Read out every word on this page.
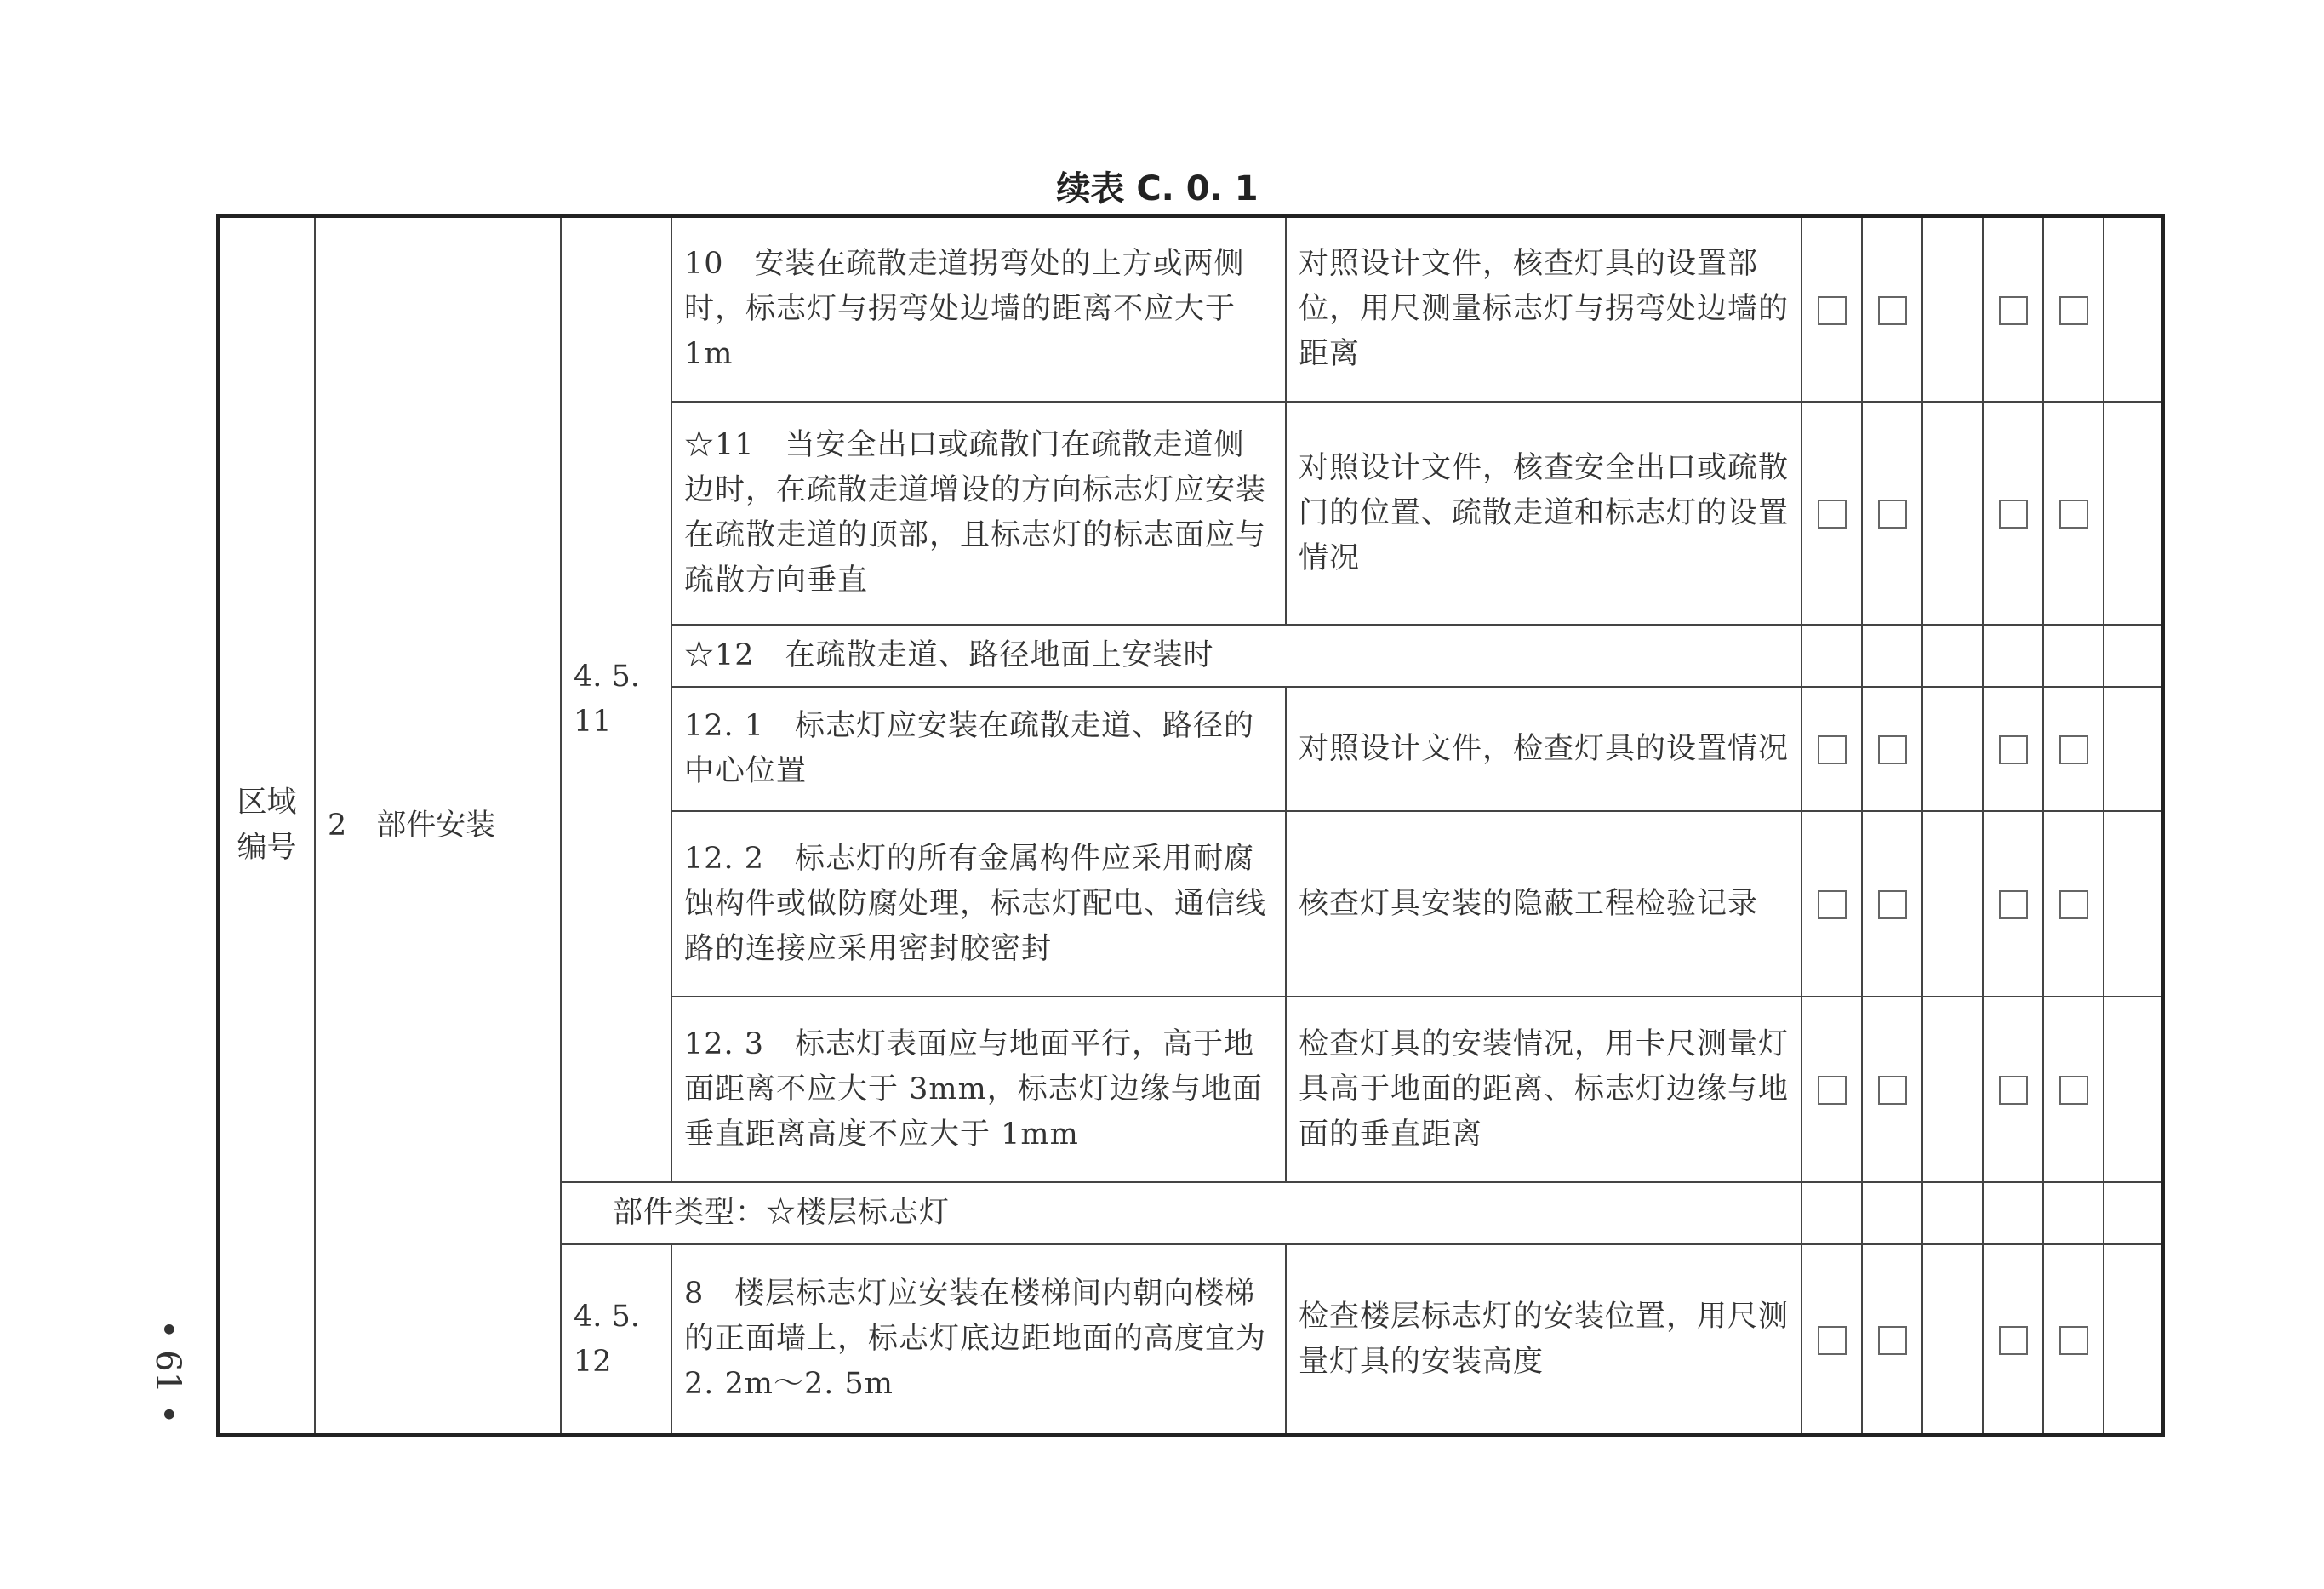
续表 C. 0. 1
区域编号	2　部件安装	4. 5. 11	10　安装在疏散走道拐弯处的上方或两侧时，标志灯与拐弯处边墙的距离不应大于 1m	对照设计文件，核查灯具的设置部位，用尺测量标志灯与拐弯处边墙的距离						
			☆11　当安全出口或疏散门在疏散走道侧边时，在疏散走道增设的方向标志灯应安装在疏散走道的顶部，且标志灯的标志面应与疏散方向垂直	对照设计文件，核查安全出口或疏散门的位置、疏散走道和标志灯的设置情况						
			☆12　在疏散走道、路径地面上安装时							
			12. 1　标志灯应安装在疏散走道、路径的中心位置	对照设计文件，检查灯具的设置情况						
			12. 2　标志灯的所有金属构件应采用耐腐蚀构件或做防腐处理，标志灯配电、通信线路的连接应采用密封胶密封	核查灯具安装的隐蔽工程检验记录						
			12. 3　标志灯表面应与地面平行，高于地面距离不应大于 3mm，标志灯边缘与地面垂直距离高度不应大于 1mm	检查灯具的安装情况，用卡尺测量灯具高于地面的距离、标志灯边缘与地面的垂直距离						
		部件类型：☆楼层标志灯								
		4. 5. 12	8　楼层标志灯应安装在楼梯间内朝向楼梯的正面墙上，标志灯底边距地面的高度宜为 2. 2m～2. 5m	检查楼层标志灯的安装位置，用尺测量灯具的安装高度						
• 61 •
